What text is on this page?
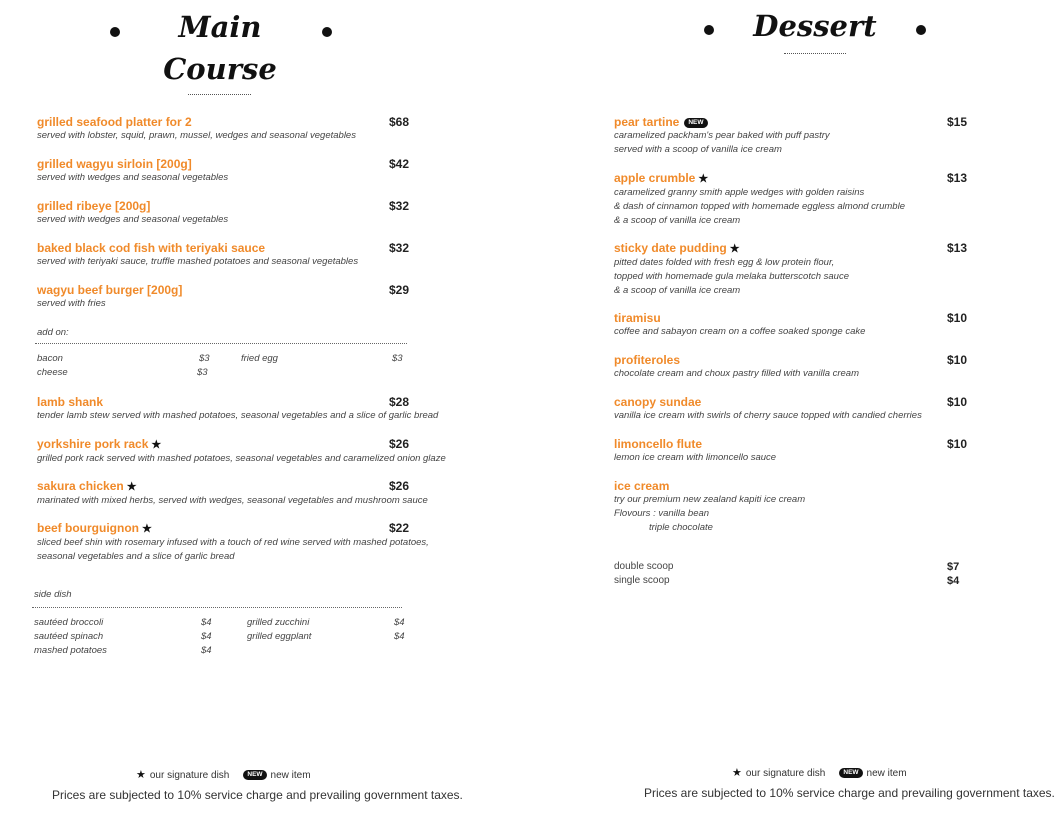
Main
Course
grilled seafood platter for 2
served with lobster, squid, prawn, mussel, wedges and seasonal vegetables
$68
grilled wagyu sirloin [200g]
served with wedges and seasonal vegetables
$42
grilled ribeye [200g]
served with wedges and seasonal vegetables
$32
baked black cod fish with teriyaki sauce
served with teriyaki sauce, truffle mashed potatoes and seasonal vegetables
$32
wagyu beef burger [200g]
served with fries
$29
lamb shank
tender lamb stew served with mashed potatoes, seasonal vegetables and a slice of garlic bread
$28
yorkshire pork rack ★
grilled pork rack served with mashed potatoes, seasonal vegetables and caramelized onion glaze
$26
sakura chicken ★
marinated with mixed herbs, served with wedges, seasonal vegetables and mushroom sauce
$26
beef bourguignon ★
sliced beef shin with rosemary infused with a touch of red wine served with mashed potatoes,
seasonal vegetables and a slice of garlic bread
$22
add on:
bacon	$3
cheese	$3
fried egg	$3
side dish
sautéed broccoli	$4
sautéed spinach	$4
mashed potatoes	$4
grilled zucchini	$4
grilled eggplant	$4
★ our signature dish	NEW new item
Prices are subjected to 10% service charge and prevailing government taxes.
Dessert
pear tartine NEW
caramelized packham's pear baked with puff pastry
served with a scoop of vanilla ice cream
$15
apple crumble ★
caramelized granny smith apple wedges with golden raisins
& dash of cinnamon topped with homemade eggless almond crumble
& a scoop of vanilla ice cream
$13
sticky date pudding ★
pitted dates folded with fresh egg & low protein flour,
topped with homemade gula melaka butterscotch sauce
& a scoop of vanilla ice cream
$13
tiramisu
coffee and sabayon cream on a coffee soaked sponge cake
$10
profiteroles
chocolate cream and choux pastry filled with vanilla cream
$10
canopy sundae
vanilla ice cream with swirls of cherry sauce topped with candied cherries
$10
limoncello flute
lemon ice cream with limoncello sauce
$10
ice cream
try our premium new zealand kapiti ice cream
Flovours : vanilla bean
triple chocolate
double scoop	$7
single scoop	$4
★ our signature dish	NEW new item
Prices are subjected to 10% service charge and prevailing government taxes.
